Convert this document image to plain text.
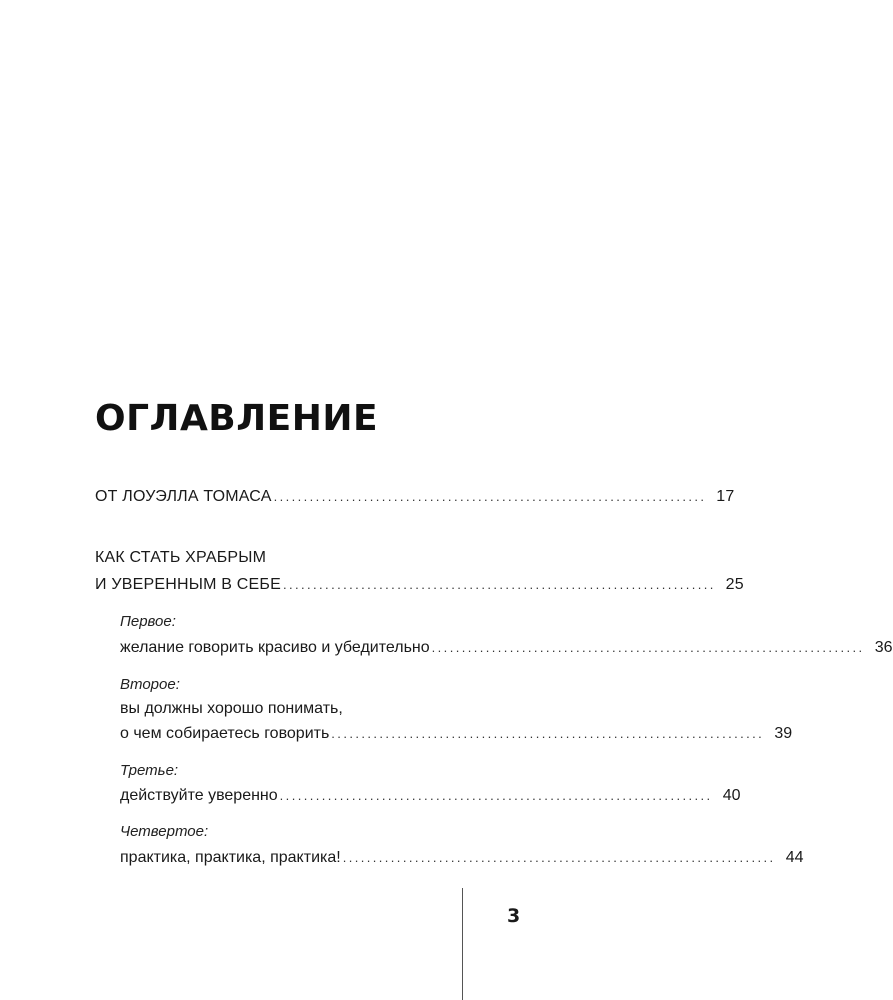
ОГЛАВЛЕНИЕ
ОТ ЛОУЭЛЛА ТОМАСА ........................................................................ 17
КАК СТАТЬ ХРАБРЫМ
И УВЕРЕННЫМ В СЕБЕ ........................................................................ 25
Первое:
желание говорить красиво и убедительно ........................................................................ 36
Второе:
вы должны хорошо понимать,
о чем собираетесь говорить ........................................................................ 39
Третье:
действуйте уверенно ........................................................................ 40
Четвертое:
практика, практика, практика! ........................................................................ 44
3
